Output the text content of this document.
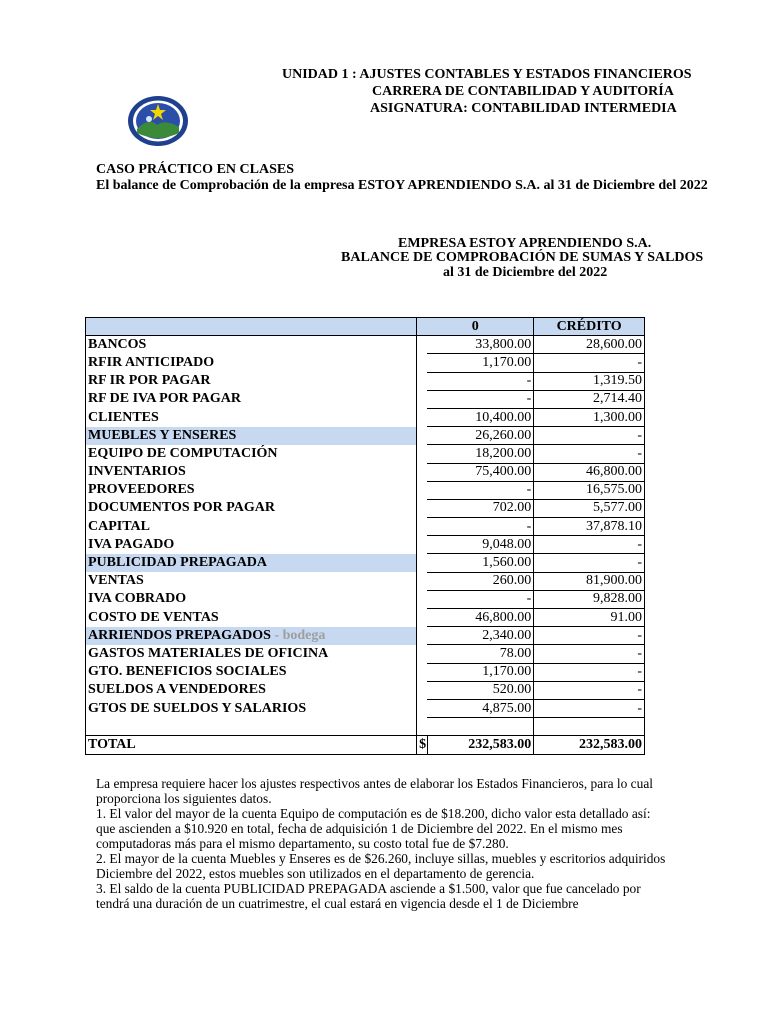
UNIDAD 1 : AJUSTES CONTABLES Y ESTADOS FINANCIEROS
CARRERA DE CONTABILIDAD Y AUDITORÍA
ASIGNATURA: CONTABILIDAD INTERMEDIA
CASO PRÁCTICO EN CLASES
El balance de Comprobación de la empresa ESTOY APRENDIENDO S.A. al 31 de Diciembre del 2022
EMPRESA ESTOY APRENDIENDO S.A.
BALANCE DE COMPROBACIÓN DE SUMAS Y SALDOS
al 31 de Diciembre del 2022
	0		CRÉDITO
BANCOS		33,800.00	28,600.00
RFIR ANTICIPADO		1,170.00	-
RF IR POR PAGAR		-	1,319.50
RF DE IVA POR PAGAR		-	2,714.40
CLIENTES		10,400.00	1,300.00
MUEBLES Y ENSERES		26,260.00	-
EQUIPO DE COMPUTACIÓN		18,200.00	-
INVENTARIOS		75,400.00	46,800.00
PROVEEDORES		-	16,575.00
DOCUMENTOS POR PAGAR		702.00	5,577.00
CAPITAL		-	37,878.10
IVA PAGADO		9,048.00	-
PUBLICIDAD PREPAGADA		1,560.00	-
VENTAS		260.00	81,900.00
IVA COBRADO		-	9,828.00
COSTO DE VENTAS		46,800.00	91.00
ARRIENDOS PREPAGADOS - bodega		2,340.00	-
GASTOS MATERIALES DE OFICINA		78.00	-
GTO. BENEFICIOS SOCIALES		1,170.00	-
SUELDOS A VENDEDORES		520.00	-
GTOS DE SUELDOS Y SALARIOS		4,875.00	-

TOTAL	$	232,583.00	232,583.00

La empresa requiere hacer los ajustes respectivos antes de elaborar los Estados Financieros, para lo cual

proporciona los siguientes datos.

1. El valor del mayor de la cuenta Equipo de computación es de $18.200, dicho valor esta detallado así:

que ascienden a $10.920 en total, fecha de adquisición 1 de Diciembre del 2022. En el mismo mes

computadoras más para el mismo departamento, su costo total fue de $7.280.

2. El mayor de la cuenta Muebles y Enseres es de $26.260, incluye sillas, muebles y escritorios adquiridos

Diciembre del 2022, estos muebles son utilizados en el departamento de gerencia.

3. El saldo de la cuenta PUBLICIDAD PREPAGADA asciende a $1.500, valor que fue cancelado por

tendrá una duración de un cuatrimestre, el cual estará en vigencia desde el 1 de Diciembre
